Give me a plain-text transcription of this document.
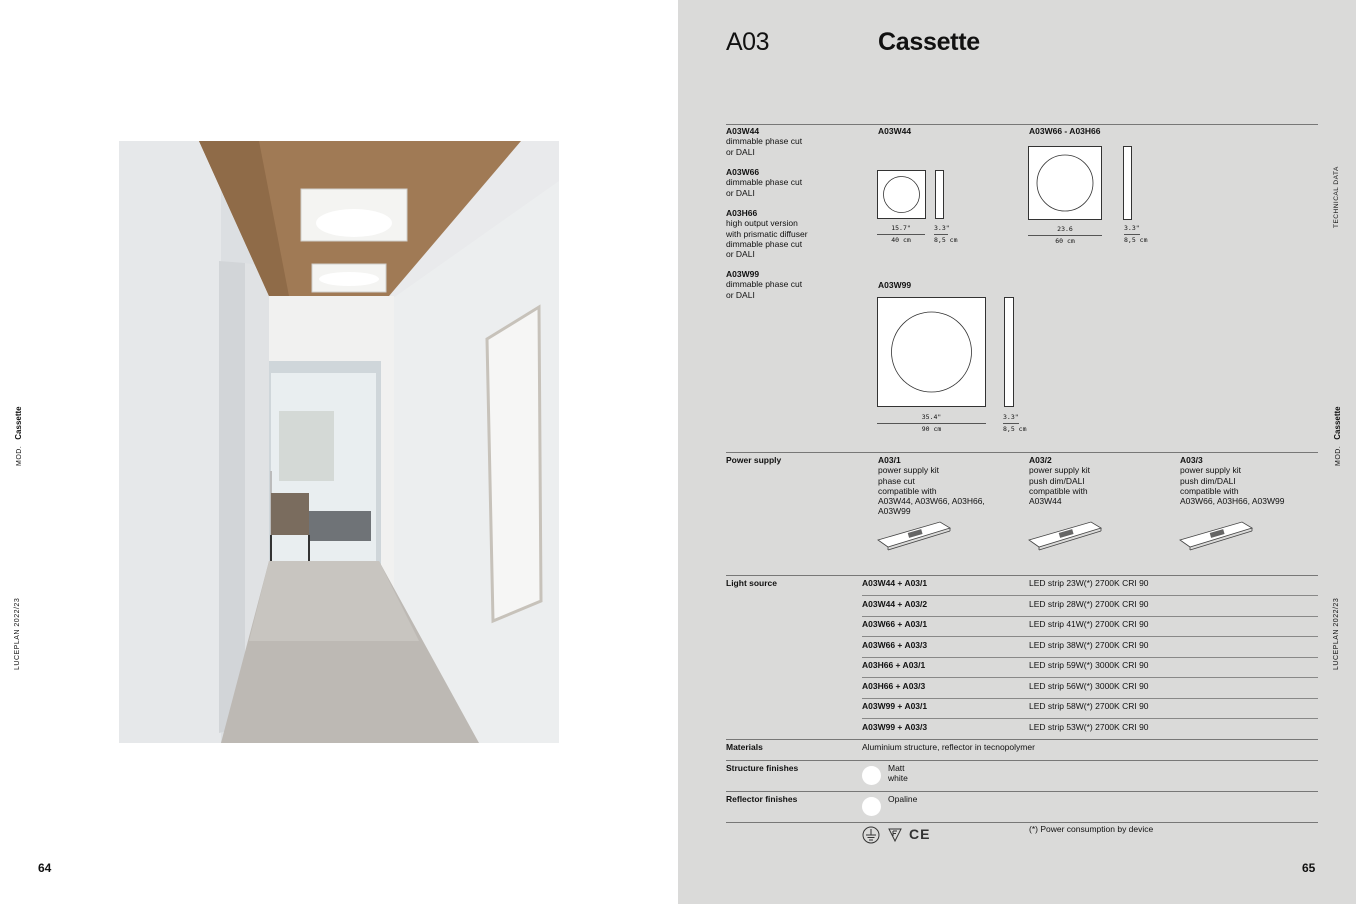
MOD.Cassette
LUCEPLAN 2022/23
64
A03	Cassette
A03W44
dimmable phase cut
or DALI
A03W66
dimmable phase cut
or DALI
A03H66
high output version
with prismatic diffuser
dimmable phase cut
or DALI
A03W99
dimmable phase cut
or DALI
A03W44
15.7"
40 cm
3.3"
8,5 cm
A03W66 - A03H66
23.6
60 cm
3.3"
8,5 cm
A03W99
35.4"
90 cm
3.3"
8,5 cm
Power supply	A03/1
power supply kit
phase cut
compatible with
A03W44, A03W66, A03H66,
A03W99
A03/2
power supply kit
push dim/DALI
compatible with
A03W44
A03/3
power supply kit
push dim/DALI
compatible with
A03W66, A03H66, A03W99
Light source	A03W44 + A03/1	LED strip 23W(*) 2700K CRI 90
A03W44 + A03/2	LED strip 28W(*) 2700K CRI 90
A03W66 + A03/1	LED strip 41W(*) 2700K CRI 90
A03W66 + A03/3	LED strip 38W(*) 2700K CRI 90
A03H66 + A03/1	LED strip 59W(*) 3000K CRI 90
A03H66 + A03/3	LED strip 56W(*) 3000K CRI 90
A03W99 + A03/1	LED strip 58W(*) 2700K CRI 90
A03W99 + A03/3	LED strip 53W(*) 2700K CRI 90
Materials	Aluminium structure, reflector in tecnopolymer
Structure finishes	Matt
white
Reflector finishes	Opaline
CE	(*) Power consumption by device
TECHNICAL DATA
MOD.Cassette
LUCEPLAN 2022/23
65
